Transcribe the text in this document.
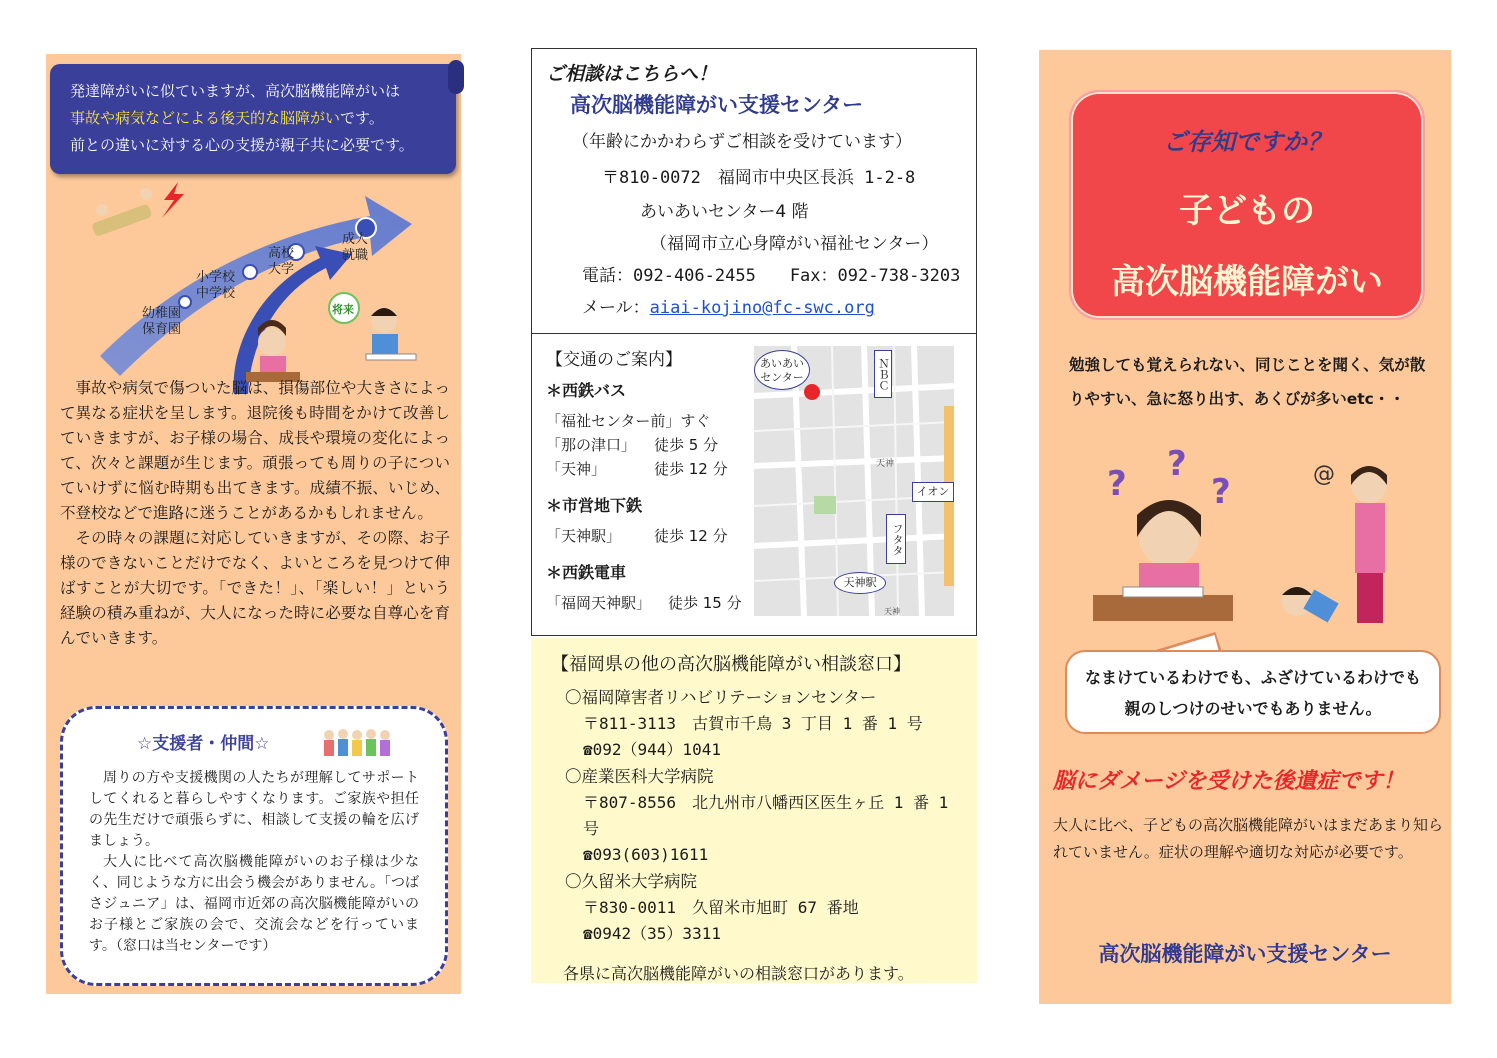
発達障がいに似ていますが、高次脳機能障がいは
事故や病気などによる後天的な脳障がいです。
前との違いに対する心の支援が親子共に必要です。
幼稚園
保育園
小学校
中学校
高校
大学
成人
就職
将来

事故や病気で傷ついた脳は、損傷部位や大きさによって異なる症状を呈します。退院後も時間をかけて改善していきますが、お子様の場合、成長や環境の変化によって、次々と課題が生じます。頑張っても周りの子についていけずに悩む時期も出てきます。成績不振、いじめ、不登校などで進路に迷うことがあるかもしれません。

その時々の課題に対応していきますが、その際、お子様のできないことだけでなく、よいところを見つけて伸ばすことが大切です。「できた！」、「楽しい！」という経験の積み重ねが、大人になった時に必要な自尊心を育んでいきます。

☆支援者・仲間☆

周りの方や支援機関の人たちが理解してサポートしてくれると暮らしやすくなります。ご家族や担任の先生だけで頑張らずに、相談して支援の輪を広げましょう。

大人に比べて高次脳機能障がいのお子様は少なく、同じような方に出会う機会がありません。「つばさジュニア」は、福岡市近郊の高次脳機能障がいのお子様とご家族の会で、交流会などを行っています。（窓口は当センターです）

ご相談はこちらへ！
高次脳機能障がい支援センター
（年齢にかかわらずご相談を受けています）
〒810-0072　福岡市中央区長浜 1-2-8
あいあいセンター4 階
（福岡市立心身障がい福祉センター）
電話：092-406-2455　　Fax：092-738-3203
メール：aiai-kojino@fc-swc.org
【交通のご案内】
＊西鉄バス
「福祉センター前」すぐ
「那の津口」	徒歩 5 分
「天神」	徒歩 12 分
＊市営地下鉄
「天神駅」	徒歩 12 分
＊西鉄電車
「福岡天神駅」	徒歩 15 分
あいあい
センター	ＮＢＣ
イオン
フタタ
天神駅
天神
天神
【福岡県の他の高次脳機能障がい相談窓口】
〇福岡障害者リハビリテーションセンター
〒811-3113　古賀市千鳥 3 丁目 1 番 1 号
☎092（944）1041
〇産業医科大学病院
〒807-8556　北九州市八幡西区医生ヶ丘 1 番 1 号
☎093(603)1611
〇久留米大学病院
〒830-0011　久留米市旭町 67 番地
☎0942（35）3311
各県に高次脳機能障がいの相談窓口があります。
ご存知ですか？
子どもの
高次脳機能障がい
勉強しても覚えられない、同じことを聞く、気が散りやすい、急に怒り出す、あくびが多いetc・・
? ?
?	@
なまけているわけでも、ふざけているわけでも
親のしつけのせいでもありません。
脳にダメージを受けた後遺症です！
大人に比べ、子どもの高次脳機能障がいはまだあまり知られていません。症状の理解や適切な対応が必要です。
高次脳機能障がい支援センター
